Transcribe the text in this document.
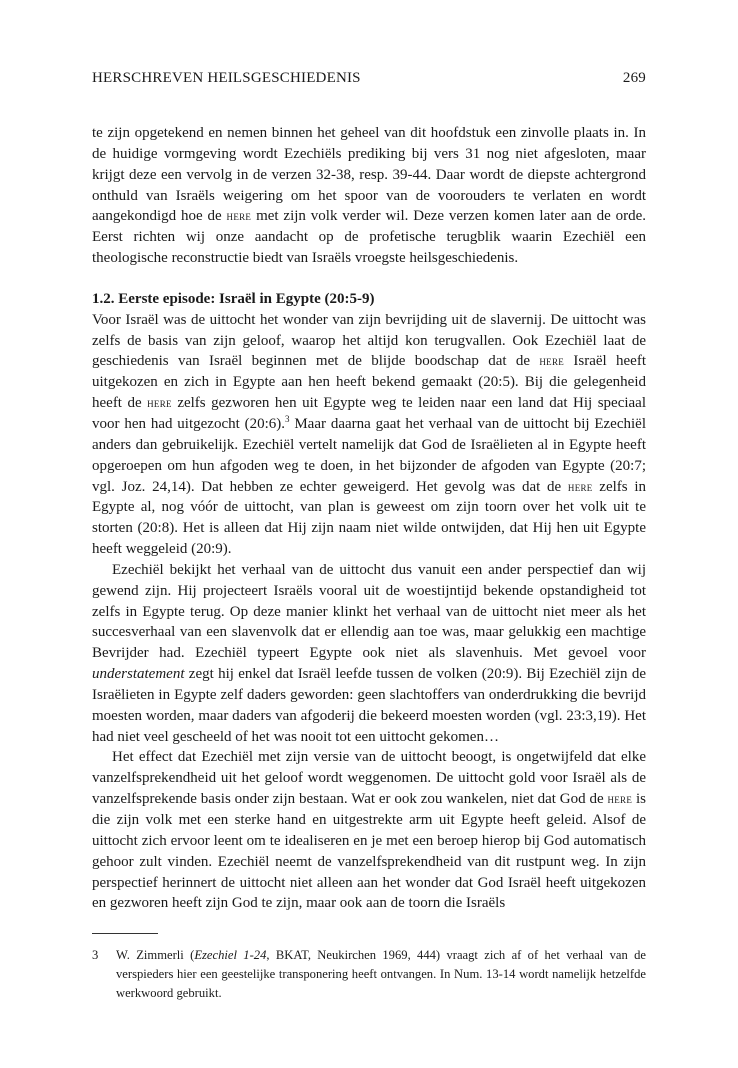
HERSCHREVEN HEILSGESCHIEDENIS	269

te zijn opgetekend en nemen binnen het geheel van dit hoofdstuk een zinvolle plaats in. In de huidige vormgeving wordt Ezechiëls prediking bij vers 31 nog niet afgesloten, maar krijgt deze een vervolg in de verzen 32-38, resp. 39-44. Daar wordt de diepste achtergrond onthuld van Israëls weigering om het spoor van de voorouders te verlaten en wordt aangekondigd hoe de here met zijn volk verder wil. Deze verzen komen later aan de orde. Eerst richten wij onze aandacht op de profetische terugblik waarin Ezechiël een theologische reconstructie biedt van Israëls vroegste heilsgeschiedenis.

1.2. Eerste episode: Israël in Egypte (20:5-9)

Voor Israël was de uittocht het wonder van zijn bevrijding uit de slavernij. De uittocht was zelfs de basis van zijn geloof, waarop het altijd kon terugvallen. Ook Ezechiël laat de geschiedenis van Israël beginnen met de blijde boodschap dat de here Israël heeft uitgekozen en zich in Egypte aan hen heeft bekend gemaakt (20:5). Bij die gelegenheid heeft de here zelfs gezworen hen uit Egypte weg te leiden naar een land dat Hij speciaal voor hen had uitgezocht (20:6).$^3$ Maar daarna gaat het verhaal van de uittocht bij Ezechiël anders dan gebruikelijk. Ezechiël vertelt namelijk dat God de Israëlieten al in Egypte heeft opgeroepen om hun afgoden weg te doen, in het bijzonder de afgoden van Egypte (20:7; vgl. Joz. 24,14). Dat hebben ze echter geweigerd. Het gevolg was dat de here zelfs in Egypte al, nog vóór de uittocht, van plan is geweest om zijn toorn over het volk uit te storten (20:8). Het is alleen dat Hij zijn naam niet wilde ontwijden, dat Hij hen uit Egypte heeft weggeleid (20:9).

Ezechiël bekijkt het verhaal van de uittocht dus vanuit een ander perspectief dan wij gewend zijn. Hij projecteert Israëls vooral uit de woestijntijd bekende opstandigheid tot zelfs in Egypte terug. Op deze manier klinkt het verhaal van de uittocht niet meer als het succesverhaal van een slavenvolk dat er ellendig aan toe was, maar gelukkig een machtige Bevrijder had. Ezechiël typeert Egypte ook niet als slavenhuis. Met gevoel voor understatement zegt hij enkel dat Israël leefde tussen de volken (20:9). Bij Ezechiël zijn de Israëlieten in Egypte zelf daders geworden: geen slachtoffers van onderdrukking die bevrijd moesten worden, maar daders van afgoderij die bekeerd moesten worden (vgl. 23:3,19). Het had niet veel gescheeld of het was nooit tot een uittocht gekomen…

Het effect dat Ezechiël met zijn versie van de uittocht beoogt, is ongetwijfeld dat elke vanzelfsprekendheid uit het geloof wordt weggenomen. De uittocht gold voor Israël als de vanzelfsprekende basis onder zijn bestaan. Wat er ook zou wankelen, niet dat God de here is die zijn volk met een sterke hand en uitgestrekte arm uit Egypte heeft geleid. Alsof de uittocht zich ervoor leent om te idealiseren en je met een beroep hierop bij God automatisch gehoor zult vinden. Ezechiël neemt de vanzelfsprekendheid van dit rustpunt weg. In zijn perspectief herinnert de uittocht niet alleen aan het wonder dat God Israël heeft uitgekozen en gezworen heeft zijn God te zijn, maar ook aan de toorn die Israëls

3 W. Zimmerli (Ezechiel 1-24, BKAT, Neukirchen 1969, 444) vraagt zich af of het verhaal van de verspieders hier een geestelijke transponering heeft ontvangen. In Num. 13-14 wordt namelijk hetzelfde werkwoord gebruikt.
